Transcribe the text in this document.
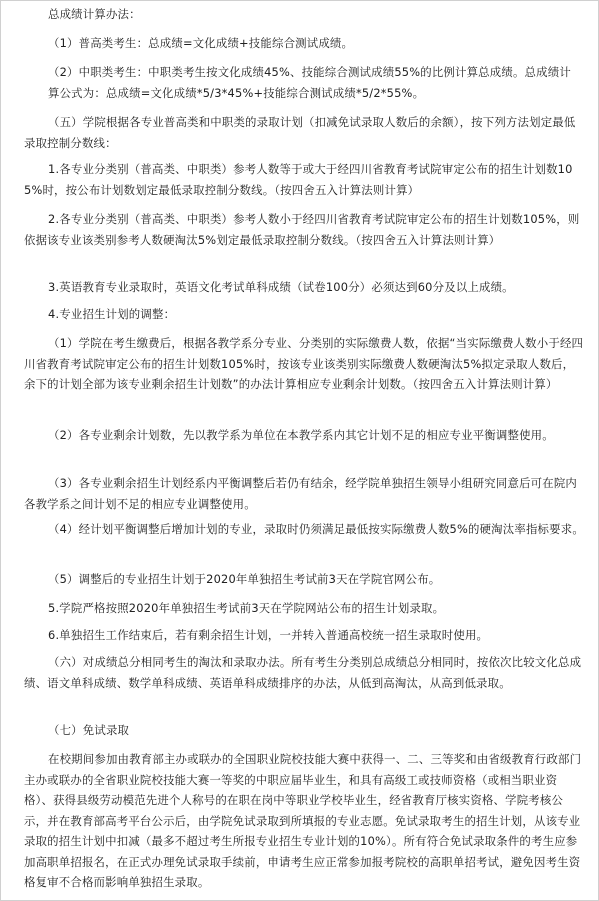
总成绩计算办法：

（1）普高类考生：总成绩=文化成绩+技能综合测试成绩。

（2）中职类考生：中职类考生按文化成绩45%、技能综合测试成绩55%的比例计算总成绩。总成绩计算公式为：总成绩=文化成绩*5/3*45%+技能综合测试成绩*5/2*55%。

（五）学院根据各专业普高类和中职类的录取计划（扣减免试录取人数后的余额），按下列方法划定最低录取控制分数线：

1.各专业分类别（普高类、中职类）参考人数等于或大于经四川省教育考试院审定公布的招生计划数105%时，按公布计划数划定最低录取控制分数线。（按四舍五入计算法则计算）

2.各专业分类别（普高类、中职类）参考人数小于经四川省教育考试院审定公布的招生计划数105%，则依据该专业该类别参考人数硬淘汰5%划定最低录取控制分数线。（按四舍五入计算法则计算）

3.英语教育专业录取时，英语文化考试单科成绩（试卷100分）必须达到60分及以上成绩。

4.专业招生计划的调整：

（1）学院在考生缴费后，根据各教学系分专业、分类别的实际缴费人数，依据“当实际缴费人数小于经四川省教育考试院审定公布的招生计划数105%时，按该专业该类别实际缴费人数硬淘汰5%拟定录取人数后，余下的计划全部为该专业剩余招生计划数”的办法计算相应专业剩余计划数。（按四舍五入计算法则计算）

（2）各专业剩余计划数，先以教学系为单位在本教学系内其它计划不足的相应专业平衡调整使用。

（3）各专业剩余招生计划经系内平衡调整后若仍有结余，经学院单独招生领导小组研究同意后可在院内各教学系之间计划不足的相应专业调整使用。

（4）经计划平衡调整后增加计划的专业，录取时仍须满足最低按实际缴费人数5%的硬淘汰率指标要求。

（5）调整后的专业招生计划于2020年单独招生考试前3天在学院官网公布。

5.学院严格按照2020年单独招生考试前3天在学院网站公布的招生计划录取。

6.单独招生工作结束后，若有剩余招生计划，一并转入普通高校统一招生录取时使用。

（六）对成绩总分相同考生的淘汰和录取办法。所有考生分类别总成绩总分相同时，按依次比较文化总成绩、语文单科成绩、数学单科成绩、英语单科成绩排序的办法，从低到高淘汰，从高到低录取。

（七）免试录取

在校期间参加由教育部主办或联办的全国职业院校技能大赛中获得一、二、三等奖和由省级教育行政部门主办或联办的全省职业院校技能大赛一等奖的中职应届毕业生，和具有高级工或技师资格（或相当职业资格）、获得县级劳动模范先进个人称号的在职在岗中等职业学校毕业生，经省教育厅核实资格、学院考核公示，并在教育部高考平台公示后，由学院免试录取到所填报的专业志愿。免试录取考生的招生计划，从该专业录取的招生计划中扣减（最多不超过考生所报专业招生专业计划的10%）。所有符合免试录取条件的考生应参加高职单招报名，在正式办理免试录取手续前，申请考生应正常参加报考院校的高职单招考试，避免因考生资格复审不合格而影响单独招生录取。
